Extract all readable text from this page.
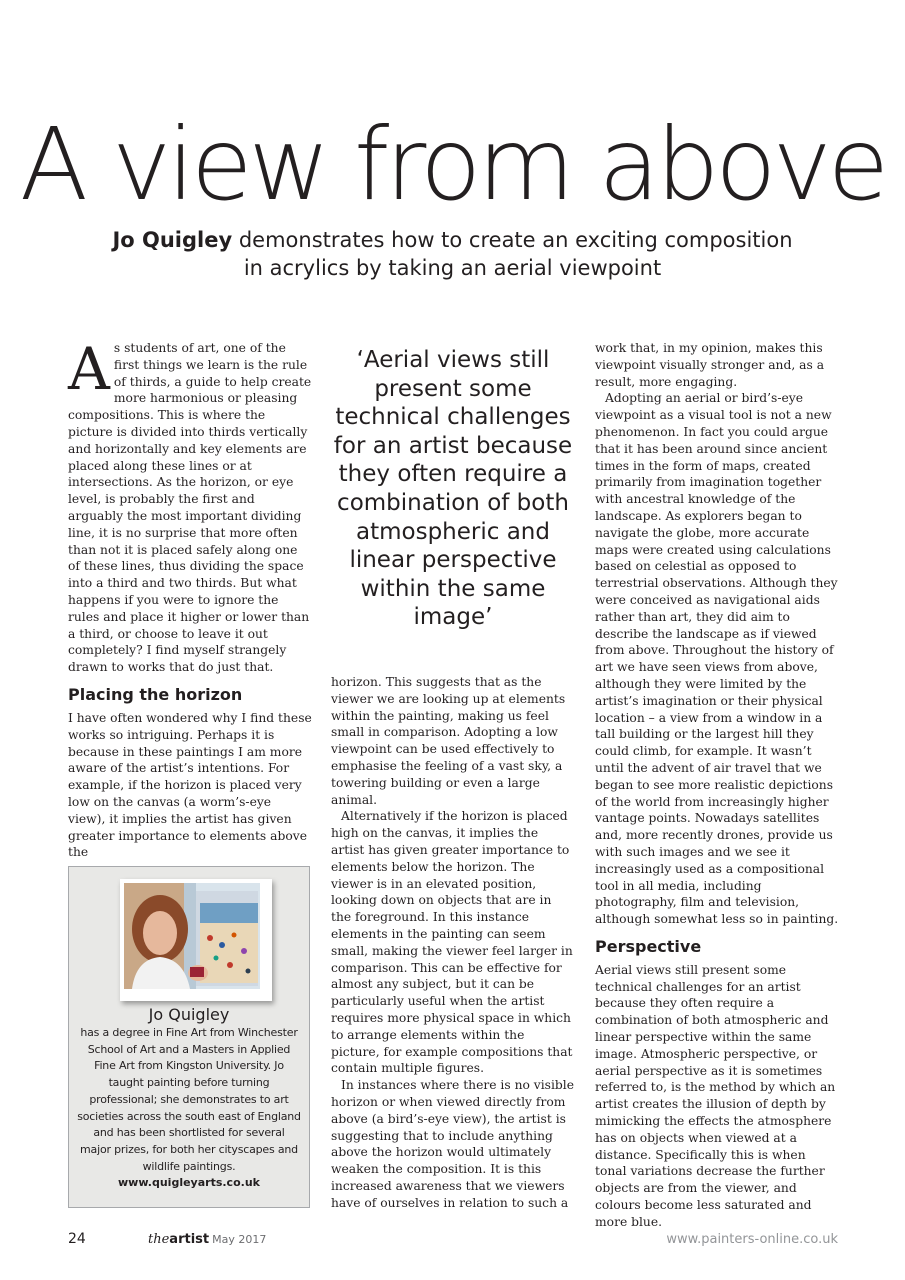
A view from above

Jo Quigley demonstrates how to create an exciting composition
in acrylics by taking an aerial viewpoint

As students of art, one of the first things we learn is the rule of thirds, a guide to help create more harmonious or pleasing compositions. This is where the picture is divided into thirds vertically and horizontally and key elements are placed along these lines or at intersections. As the horizon, or eye level, is probably the first and arguably the most important dividing line, it is no surprise that more often than not it is placed safely along one of these lines, thus dividing the space into a third and two thirds. But what happens if you were to ignore the rules and place it higher or lower than a third, or choose to leave it out completely? I find myself strangely drawn to works that do just that.

Placing the horizon

I have often wondered why I find these works so intriguing. Perhaps it is because in these paintings I am more aware of the artist’s intentions. For example, if the horizon is placed very low on the canvas (a worm’s-eye view), it implies the artist has given greater importance to elements above the

Jo Quigley
has a degree in Fine Art from Winchester School of Art and a Masters in Applied Fine Art from Kingston University. Jo taught painting before turning professional; she demonstrates to art societies across the south east of England and has been shortlisted for several major prizes, for both her cityscapes and wildlife paintings.
www.quigleyarts.co.uk

‘Aerial views still present some technical challenges for an artist because they often require a combination of both atmospheric and linear perspective within the same image’

horizon. This suggests that as the viewer we are looking up at elements within the painting, making us feel small in comparison. Adopting a low viewpoint can be used effectively to emphasise the feeling of a vast sky, a towering building or even a large animal.

Alternatively if the horizon is placed high on the canvas, it implies the artist has given greater importance to elements below the horizon. The viewer is in an elevated position, looking down on objects that are in the foreground. In this instance elements in the painting can seem small, making the viewer feel larger in comparison. This can be effective for almost any subject, but it can be particularly useful when the artist requires more physical space in which to arrange elements within the picture, for example compositions that contain multiple figures.

In instances where there is no visible horizon or when viewed directly from above (a bird’s-eye view), the artist is suggesting that to include anything above the horizon would ultimately weaken the composition. It is this increased awareness that we viewers have of ourselves in relation to such a

work that, in my opinion, makes this viewpoint visually stronger and, as a result, more engaging.

Adopting an aerial or bird’s-eye viewpoint as a visual tool is not a new phenomenon. In fact you could argue that it has been around since ancient times in the form of maps, created primarily from imagination together with ancestral knowledge of the landscape. As explorers began to navigate the globe, more accurate maps were created using calculations based on celestial as opposed to terrestrial observations. Although they were conceived as navigational aids rather than art, they did aim to describe the landscape as if viewed from above. Throughout the history of art we have seen views from above, although they were limited by the artist’s imagination or their physical location – a view from a window in a tall building or the largest hill they could climb, for example. It wasn’t until the advent of air travel that we began to see more realistic depictions of the world from increasingly higher vantage points. Nowadays satellites and, more recently drones, provide us with such images and we see it increasingly used as a compositional tool in all media, including photography, film and television, although somewhat less so in painting.

Perspective

Aerial views still present some technical challenges for an artist because they often require a combination of both atmospheric and linear perspective within the same image. Atmospheric perspective, or aerial perspective as it is sometimes referred to, is the method by which an artist creates the illusion of depth by mimicking the effects the atmosphere has on objects when viewed at a distance. Specifically this is when tonal variations decrease the further objects are from the viewer, and colours become less saturated and more blue.

24	theartist May 2017	www.painters-online.co.uk
